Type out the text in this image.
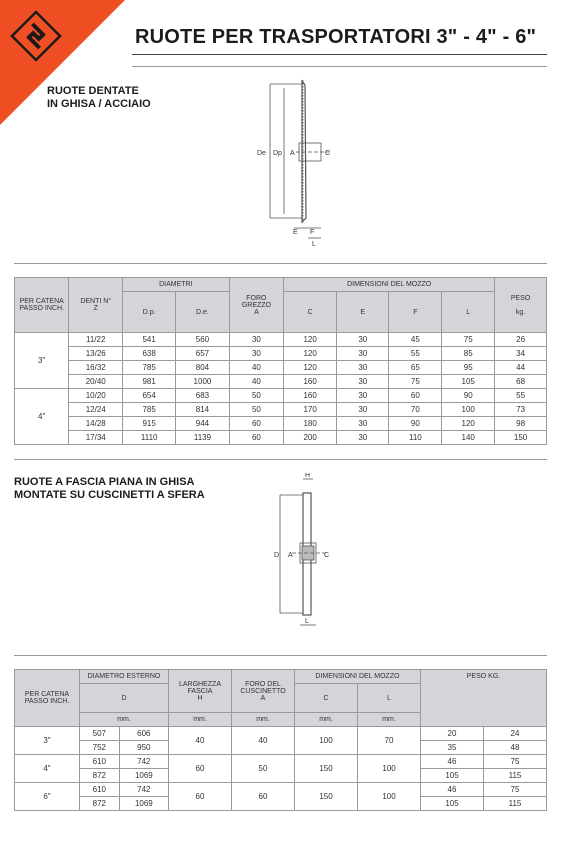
RUOTE PER TRASPORTATORI 3" - 4" - 6"
RUOTE DENTATE
IN GHISA / ACCIAIO
De Dp A	C
E F
L
PER CATENA PASSO INCH.	DENTI N°
Z	DIAMETRI		FORO GREZZO
A	DIMENSIONI DEL MOZZO				PESO

kg.
		D.p.	D.e.		C	E	F	L	
3"	11/22	541	560	30	120	30	45	75	26
	13/26	638	657	30	120	30	55	85	34
	16/32	785	804	40	120	30	65	95	44
	20/40	981	1000	40	160	30	75	105	68
4"	10/20	654	683	50	160	30	60	90	55
	12/24	785	814	50	170	30	70	100	73
	14/28	915	944	60	180	30	90	120	98
	17/34	1110	1139	60	200	30	110	140	150
RUOTE A FASCIA PIANA IN GHISA
MONTATE SU CUSCINETTI A SFERA
H
D A	C
L
PER CATENA PASSO INCH.	DIAMETRO ESTERNO		LARGHEZZA FASCIA
H	FORO DEL CUSCINETTO
A	DIMENSIONI DEL MOZZO		PESO KG.	
	D				C	L		
	mm.		mm.	mm.	mm.	mm.		
3"	507	606	40	40	100	70	20	24
	752	950					35	48
4"	610	742	60	50	150	100	46	75
	872	1069					105	115
6"	610	742	60	60	150	100	46	75
	872	1069					105	115
